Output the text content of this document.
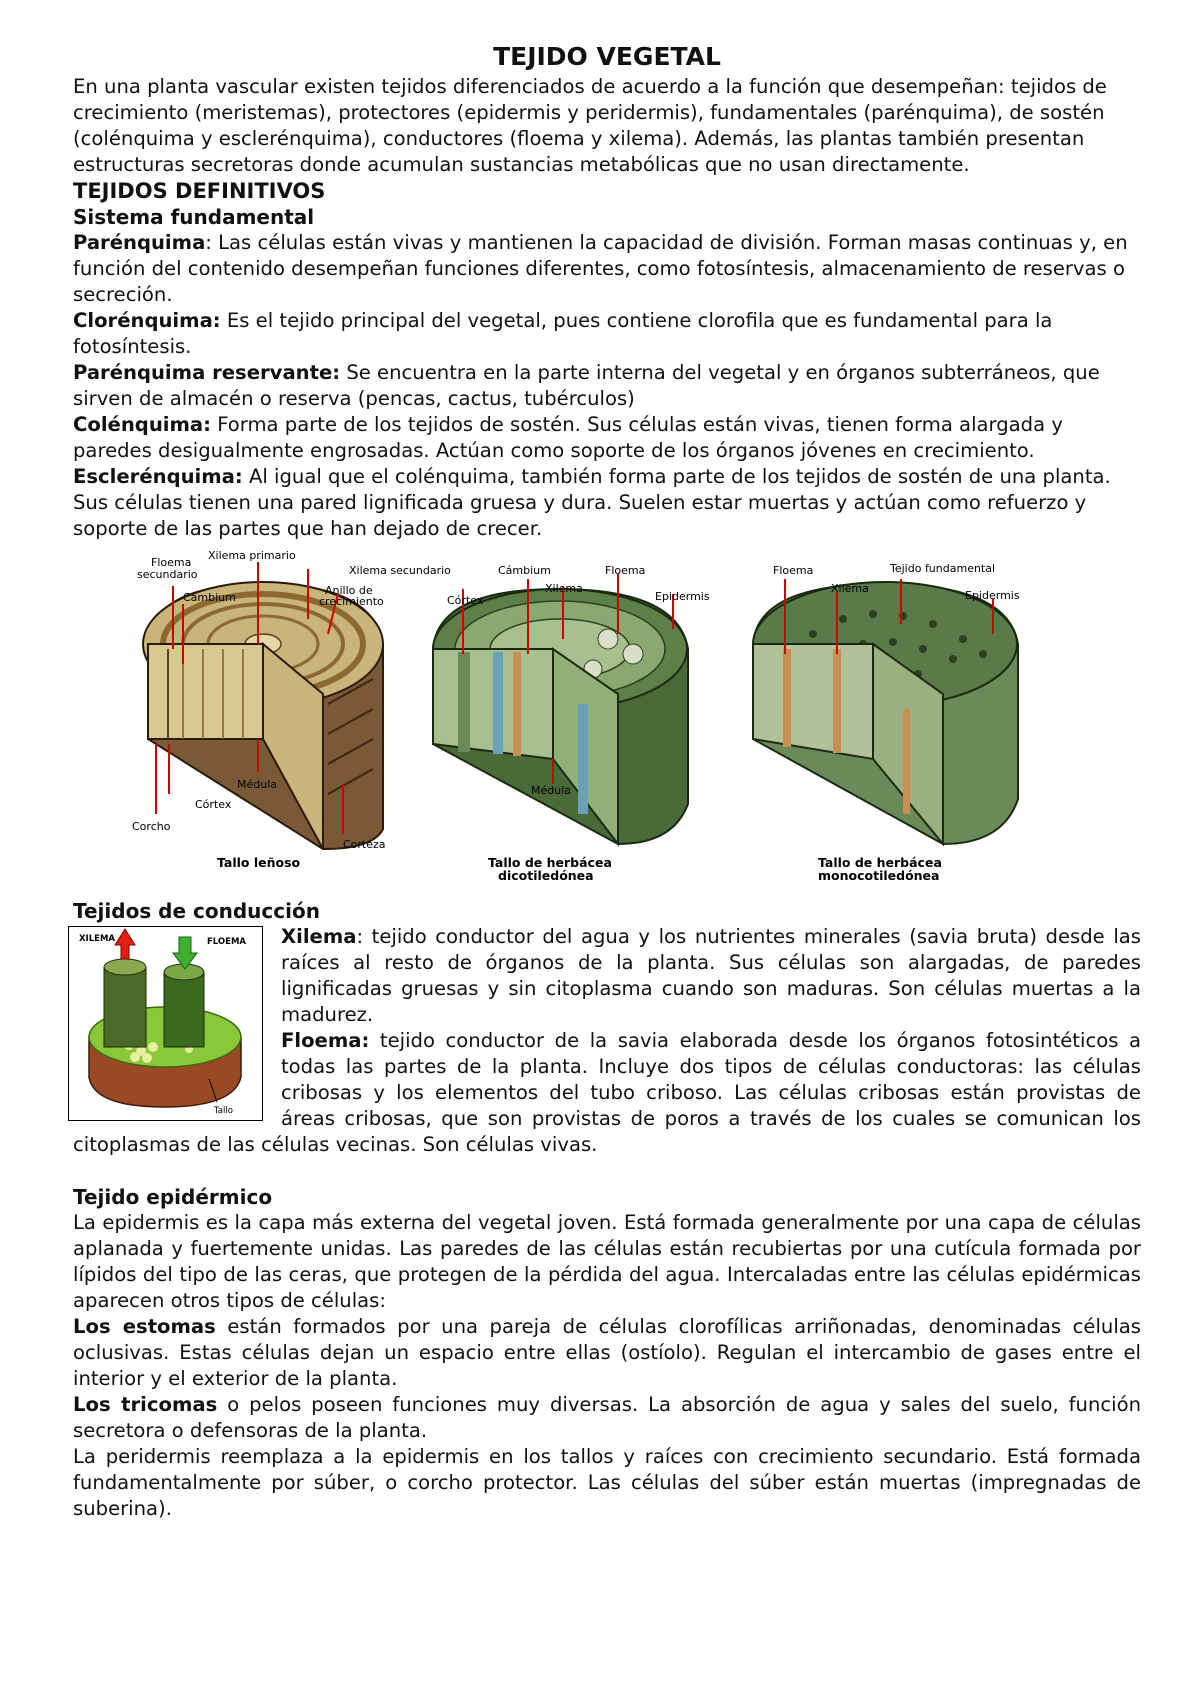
TEJIDO VEGETAL

En una planta vascular existen tejidos diferenciados de acuerdo a la función que desempeñan: tejidos de crecimiento (meristemas), protectores (epidermis y peridermis), fundamentales (parénquima), de sostén (colénquima y esclerénquima), conductores (floema y xilema). Además, las plantas también presentan estructuras secretoras donde acumulan sustancias metabólicas que no usan directamente.

TEJIDOS DEFINITIVOS
Sistema fundamental

Parénquima: Las células están vivas y mantienen la capacidad de división. Forman masas continuas y, en función del contenido desempeñan funciones diferentes, como fotosíntesis, almacenamiento de reservas o secreción.

Clorénquima: Es el tejido principal del vegetal, pues contiene clorofila que es fundamental para la fotosíntesis.

Parénquima reservante: Se encuentra en la parte interna del vegetal y en órganos subterráneos, que sirven de almacén o reserva (pencas, cactus, tubérculos)

Colénquima: Forma parte de los tejidos de sostén. Sus células están vivas, tienen forma alargada y paredes desigualmente engrosadas. Actúan como soporte de los órganos jóvenes en crecimiento.

Esclerénquima: Al igual que el colénquima, también forma parte de los tejidos de sostén de una planta. Sus células tienen una pared lignificada gruesa y dura. Suelen estar muertas y actúan como refuerzo y soporte de las partes que han dejado de crecer.

Xilema primario
Floema
secundario	Xilema secundario
Cámbium
Anillo de
crecimiento
Médula
Córtex
Corcho
Corteza
Tallo leñoso
Cámbium	Floema
Xilema
Córtex	Epidermis
Médula
Tallo de herbácea
dicotiledónea
Floema	Tejido fundamental
Xilema
Epidermis
Tallo de herbácea
monocotiledónea
Tejidos de conducción
XILEMA	FLOEMA
Tallo

Xilema: tejido conductor del agua y los nutrientes minerales (savia bruta) desde las raíces al resto de órganos de la planta. Sus células son alargadas, de paredes lignificadas gruesas y sin citoplasma cuando son maduras. Son células muertas a la madurez.

Floema: tejido conductor de la savia elaborada desde los órganos fotosintéticos a todas las partes de la planta. Incluye dos tipos de células conductoras: las células cribosas y los elementos del tubo criboso. Las células cribosas están provistas de áreas cribosas, que son provistas de poros a través de los cuales se comunican los citoplasmas de las células vecinas. Son células vivas.

Tejido epidérmico

La epidermis es la capa más externa del vegetal joven. Está formada generalmente por una capa de células aplanada y fuertemente unidas. Las paredes de las células están recubiertas por una cutícula formada por lípidos del tipo de las ceras, que protegen de la pérdida del agua. Intercaladas entre las células epidérmicas aparecen otros tipos de células:

Los estomas están formados por una pareja de células clorofílicas arriñonadas, denominadas células oclusivas. Estas células dejan un espacio entre ellas (ostíolo). Regulan el intercambio de gases entre el interior y el exterior de la planta.

Los tricomas o pelos poseen funciones muy diversas. La absorción de agua y sales del suelo, función secretora o defensoras de la planta.

La peridermis reemplaza a la epidermis en los tallos y raíces con crecimiento secundario. Está formada fundamentalmente por súber, o corcho protector. Las células del súber están muertas (impregnadas de suberina).
